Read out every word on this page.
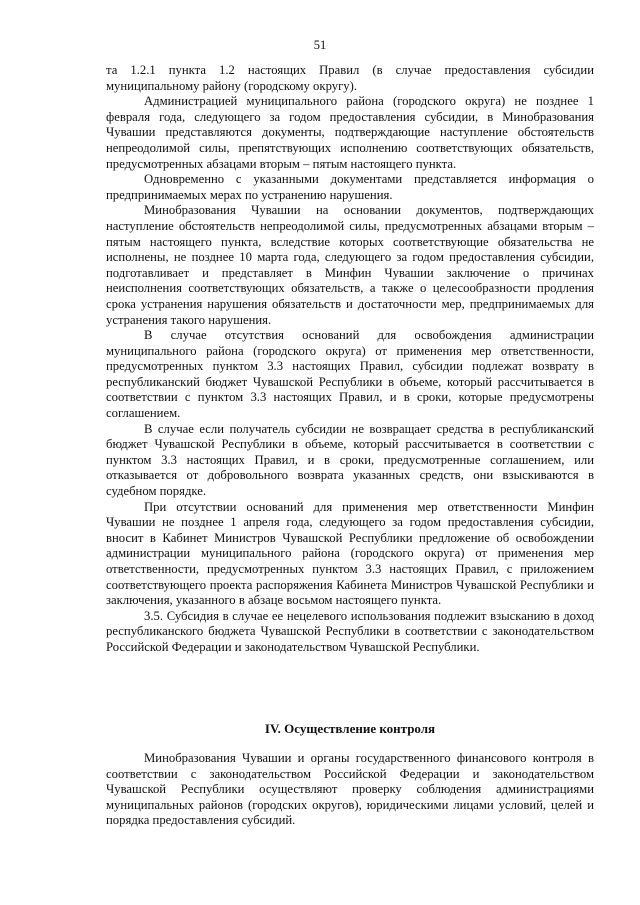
51

та 1.2.1 пункта 1.2 настоящих Правил (в случае предоставления субсидии муниципальному району (городскому округу).

Администрацией муниципального района (городского округа) не позднее 1 февраля года, следующего за годом предоставления субсидии, в Минобразования Чувашии представляются документы, подтверждающие наступление обстоятельств непреодолимой силы, препятствующих исполнению соответствующих обязательств, предусмотренных абзацами вторым – пятым настоящего пункта.

Одновременно с указанными документами представляется информация о предпринимаемых мерах по устранению нарушения.

Минобразования Чувашии на основании документов, подтверждающих наступление обстоятельств непреодолимой силы, предусмотренных абзацами вторым – пятым настоящего пункта, вследствие которых соответствующие обязательства не исполнены, не позднее 10 марта года, следующего за годом предоставления субсидии, подготавливает и представляет в Минфин Чувашии заключение о причинах неисполнения соответствующих обязательств, а также о целесообразности продления срока устранения нарушения обязательств и достаточности мер, предпринимаемых для устранения такого нарушения.

В случае отсутствия оснований для освобождения администрации муниципального района (городского округа) от применения мер ответственности, предусмотренных пунктом 3.3 настоящих Правил, субсидии подлежат возврату в республиканский бюджет Чувашской Республики в объеме, который рассчитывается в соответствии с пунктом 3.3 настоящих Правил, и в сроки, которые предусмотрены соглашением.

В случае если получатель субсидии не возвращает средства в республиканский бюджет Чувашской Республики в объеме, который рассчитывается в соответствии с пунктом 3.3 настоящих Правил, и в сроки, предусмотренные соглашением, или отказывается от добровольного возврата указанных средств, они взыскиваются в судебном порядке.

При отсутствии оснований для применения мер ответственности Минфин Чувашии не позднее 1 апреля года, следующего за годом предоставления субсидии, вносит в Кабинет Министров Чувашской Республики предложение об освобождении администрации муниципального района (городского округа) от применения мер ответственности, предусмотренных пунктом 3.3 настоящих Правил, с приложением соответствующего проекта распоряжения Кабинета Министров Чувашской Республики и заключения, указанного в абзаце восьмом настоящего пункта.

3.5. Субсидия в случае ее нецелевого использования подлежит взысканию в доход республиканского бюджета Чувашской Республики в соответствии с законодательством Российской Федерации и законодательством Чувашской Республики.

IV. Осуществление контроля

Минобразования Чувашии и органы государственного финансового контроля в соответствии с законодательством Российской Федерации и законодательством Чувашской Республики осуществляют проверку соблюдения администрациями муниципальных районов (городских округов), юридическими лицами условий, целей и порядка предоставления субсидий.
